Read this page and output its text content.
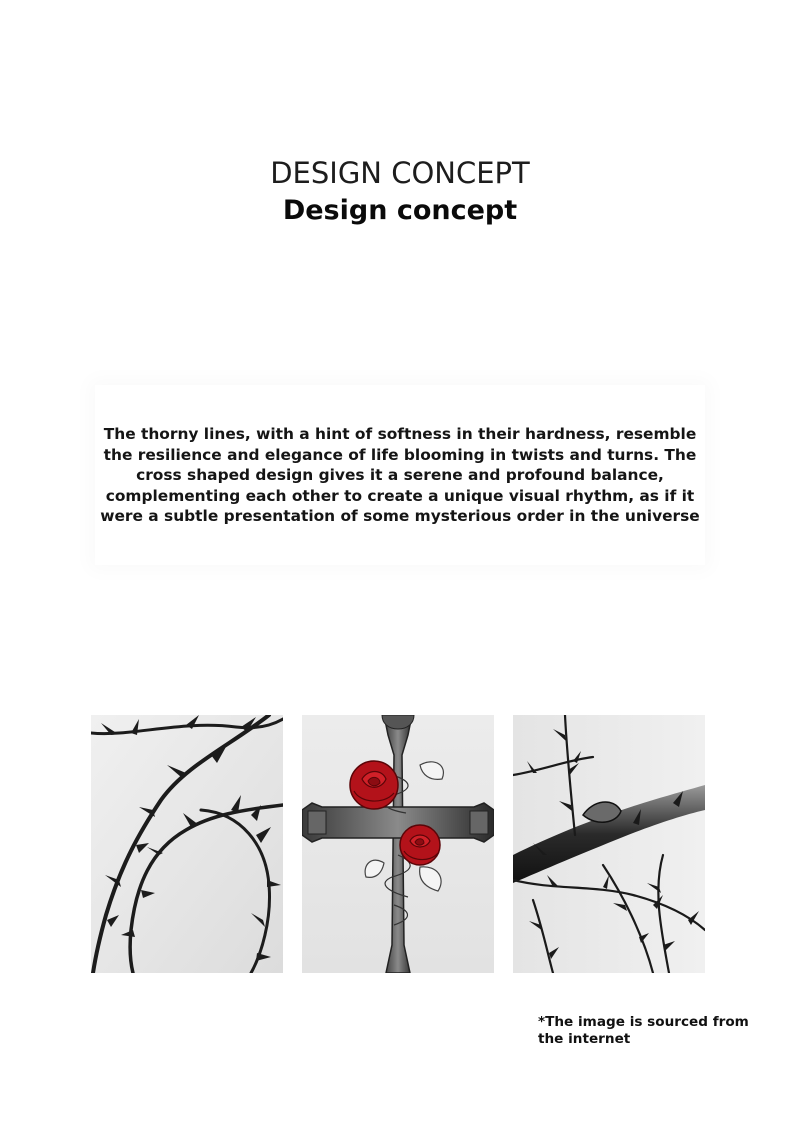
DESIGN CONCEPT
Design concept

The thorny lines, with a hint of softness in their hardness, resemble the resilience and elegance of life blooming in twists and turns. The cross shaped design gives it a serene and profound balance, complementing each other to create a unique visual rhythm, as if it were a subtle presentation of some mysterious order in the universe

*The image is sourced from the internet
